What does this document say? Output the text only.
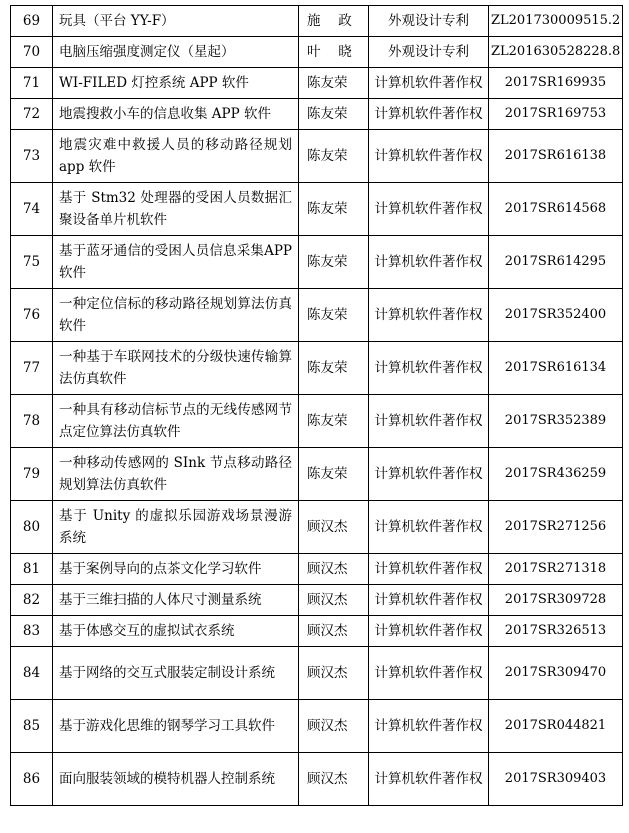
69	玩具（平台 YY-F）	施 政	外观设计专利	ZL201730009515.2
70	电脑压缩强度测定仪（星起）	叶 晓	外观设计专利	ZL201630528228.8
71	WI-FILED 灯控系统 APP 软件	陈友荣	计算机软件著作权	2017SR169935
72	地震搜救小车的信息收集 APP 软件	陈友荣	计算机软件著作权	2017SR169753
73	地震灾难中救援人员的移动路径规划 app 软件	陈友荣	计算机软件著作权	2017SR616138
74	基于 Stm32 处理器的受困人员数据汇聚设备单片机软件	陈友荣	计算机软件著作权	2017SR614568
75	基于蓝牙通信的受困人员信息采集APP 软件	陈友荣	计算机软件著作权	2017SR614295
76	一种定位信标的移动路径规划算法仿真软件	陈友荣	计算机软件著作权	2017SR352400
77	一种基于车联网技术的分级快速传输算法仿真软件	陈友荣	计算机软件著作权	2017SR616134
78	一种具有移动信标节点的无线传感网节点定位算法仿真软件	陈友荣	计算机软件著作权	2017SR352389
79	一种移动传感网的 SInk 节点移动路径规划算法仿真软件	陈友荣	计算机软件著作权	2017SR436259
80	基于 Unity 的虚拟乐园游戏场景漫游系统	顾汉杰	计算机软件著作权	2017SR271256
81	基于案例导向的点茶文化学习软件	顾汉杰	计算机软件著作权	2017SR271318
82	基于三维扫描的人体尺寸测量系统	顾汉杰	计算机软件著作权	2017SR309728
83	基于体感交互的虚拟试衣系统	顾汉杰	计算机软件著作权	2017SR326513
84	基于网络的交互式服装定制设计系统	顾汉杰	计算机软件著作权	2017SR309470
85	基于游戏化思维的钢琴学习工具软件	顾汉杰	计算机软件著作权	2017SR044821
86	面向服装领域的模特机器人控制系统	顾汉杰	计算机软件著作权	2017SR309403
